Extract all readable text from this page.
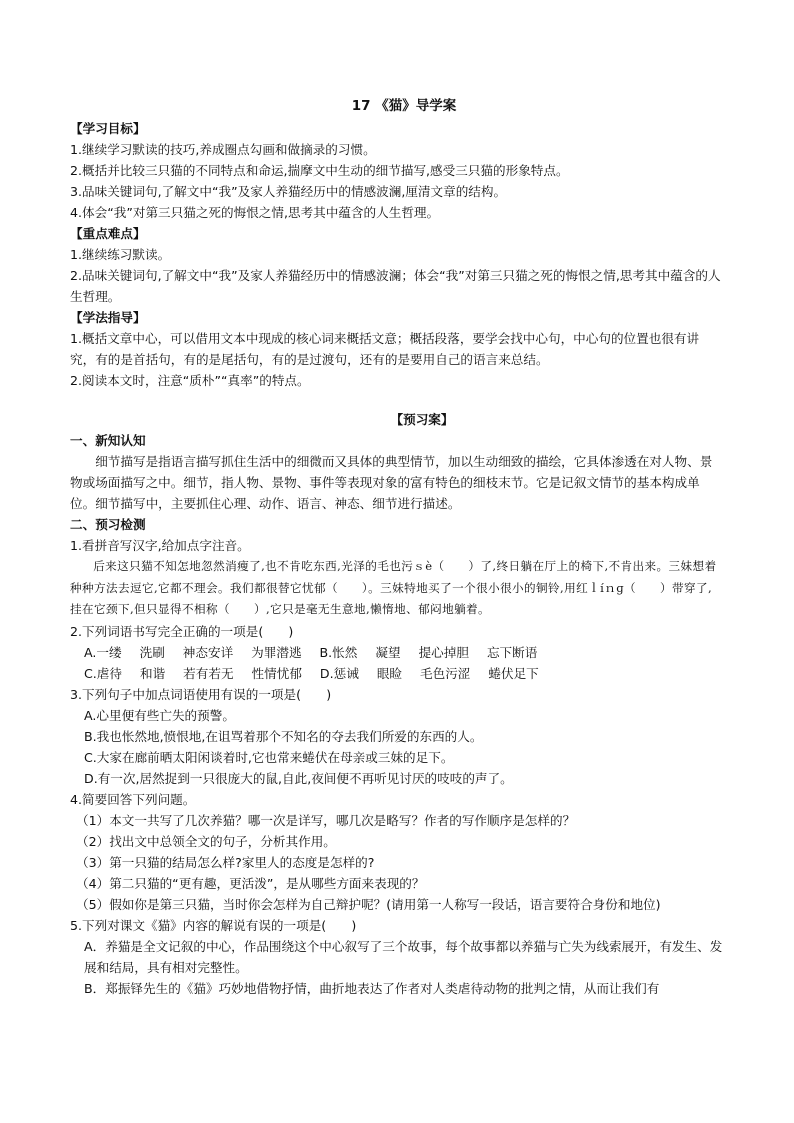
17 《猫》导学案
【学习目标】

1.继续学习默读的技巧,养成圈点勾画和做摘录的习惯。

2.概括并比较三只猫的不同特点和命运,揣摩文中生动的细节描写,感受三只猫的形象特点。

3.品味关键词句,了解文中“我”及家人养猫经历中的情感波澜,厘清文章的结构。

4.体会“我”对第三只猫之死的悔恨之情,思考其中蕴含的人生哲理。

【重点难点】

1.继续练习默读。

2.品味关键词句,了解文中“我”及家人养猫经历中的情感波澜；体会“我”对第三只猫之死的悔恨之情,思考其中蕴含的人生哲理。

【学法指导】

1.概括文章中心，可以借用文本中现成的核心词来概括文意；概括段落，要学会找中心句，中心句的位置也很有讲究，有的是首括句，有的是尾括句，有的是过渡句，还有的是要用自己的语言来总结。

2.阅读本文时，注意“质朴”“真率”的特点。

【预习案】
一、新知认知

细节描写是指语言描写抓住生活中的细微而又具体的典型情节，加以生动细致的描绘，它具体渗透在对人物、景物或场面描写之中。细节，指人物、景物、事件等表现对象的富有特色的细枝末节。它是记叙文情节的基本构成单位。细节描写中，主要抓住心理、动作、语言、神态、细节进行描述。

二、预习检测

1.看拼音写汉字,给加点字注音。

后来这只猫不知怎地忽然消瘦了,也不肯吃东西,光泽的毛也污ｓè（　　）了,终日躺在厅上的椅下,不肯出来。三妹想着种种方法去逗它,它都不理会。我们都很替它忧郁（　　）。三妹特地买了一个很小很小的铜铃,用红ｌíｎɡ（　　）带穿了,挂在它颈下,但只显得不相称（　　）,它只是毫无生意地,懒惰地、郁闷地躺着。

2.下列词语书写完全正确的一项是(　　)

A.一缕 洗刷 神态安详 为罪潜逃 B.怅然 凝望 提心掉胆 忘下断语
C.虐待 和谐 若有若无 性情忧郁 D.惩诫 眼睑 毛色污涩 蜷伏足下

3.下列句子中加点词语使用有误的一项是(　　)

A.心里便有些亡失的预警。

B.我也怅然地,愤恨地,在诅骂着那个不知名的夺去我们所爱的东西的人。

C.大家在廊前晒太阳闲谈着时,它也常来蜷伏在母亲或三妹的足下。

D.有一次,居然捉到一只很庞大的鼠,自此,夜间便不再听见讨厌的吱吱的声了。

4.简要回答下列问题。

（1）本文一共写了几次养猫？哪一次是详写，哪几次是略写？作者的写作顺序是怎样的？

（2）找出文中总领全文的句子，分析其作用。

（3）第一只猫的结局怎么样?家里人的态度是怎样的?

（4）第二只猫的“更有趣，更活泼”，是从哪些方面来表现的？

（5）假如你是第三只猫，当时你会怎样为自己辩护呢？(请用第一人称写一段话，语言要符合身份和地位)

5.下列对课文《猫》内容的解说有误的一项是(　　)

A．养猫是全文记叙的中心，作品围绕这个中心叙写了三个故事，每个故事都以养猫与亡失为线索展开，有发生、发展和结局，具有相对完整性。

B．郑振铎先生的《猫》巧妙地借物抒情，曲折地表达了作者对人类虐待动物的批判之情，从而让我们有
